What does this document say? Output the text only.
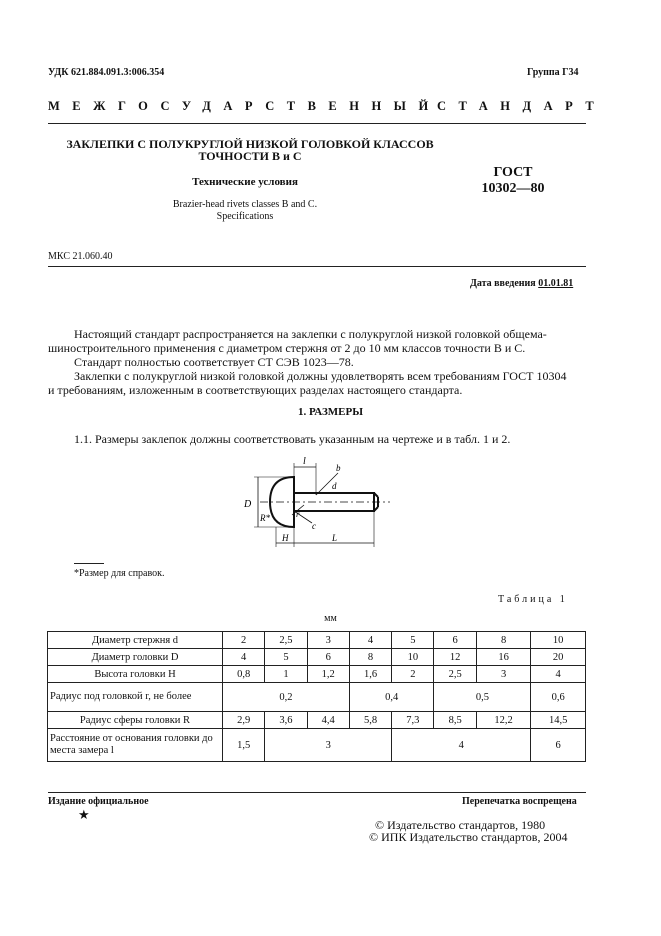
УДК 621.884.091.3:006.354	Группа Г34
МЕЖГОСУДАРСТВЕННЫЙ
СТАНДАРТ
ЗАКЛЕПКИ С ПОЛУКРУГЛОЙ НИЗКОЙ ГОЛОВКОЙ КЛАССОВ
ТОЧНОСТИ В и С
Технические условия
Brazier-head rivets classes B and C.
Specifications
ГОСТ
10302—80
МКС 21.060.40
Дата введения 01.01.81

Настоящий стандарт распространяется на заклепки с полукруглой низкой головкой общема-

шиностроительного применения с диаметром стержня от 2 до 10 мм классов точности В и С.

Стандарт полностью соответствует СТ СЭВ 1023—78.

Заклепки с полукруглой низкой головкой должны удовлетворять всем требованиям ГОСТ 10304

и требованиям, изложенным в соответствующих разделах настоящего стандарта.

1. РАЗМЕРЫ

1.1. Размеры заклепок должны соответствовать указанным на чертеже и в табл. 1 и 2.

D
l
b
d
R*	r
c
H	L
*Размер для справок.
Таблица 1
мм
Диаметр стержня d	2	2,5	3	4	5	6	8	10
Диаметр головки D	4	5	6	8	10	12	16	20
Высота головки H	0,8	1	1,2	1,6	2	2,5	3	4
Радиус под головкой r, не более	0,2			0,4		0,5		0,6
Радиус сферы головки R	2,9	3,6	4,4	5,8	7,3	8,5	12,2	14,5
Расстояние от основания головки до места замера l	1,5	3			4			6
Издание официальное	Перепечатка воспрещена
★
© Издательство стандартов, 1980
© ИПК Издательство стандартов, 2004
